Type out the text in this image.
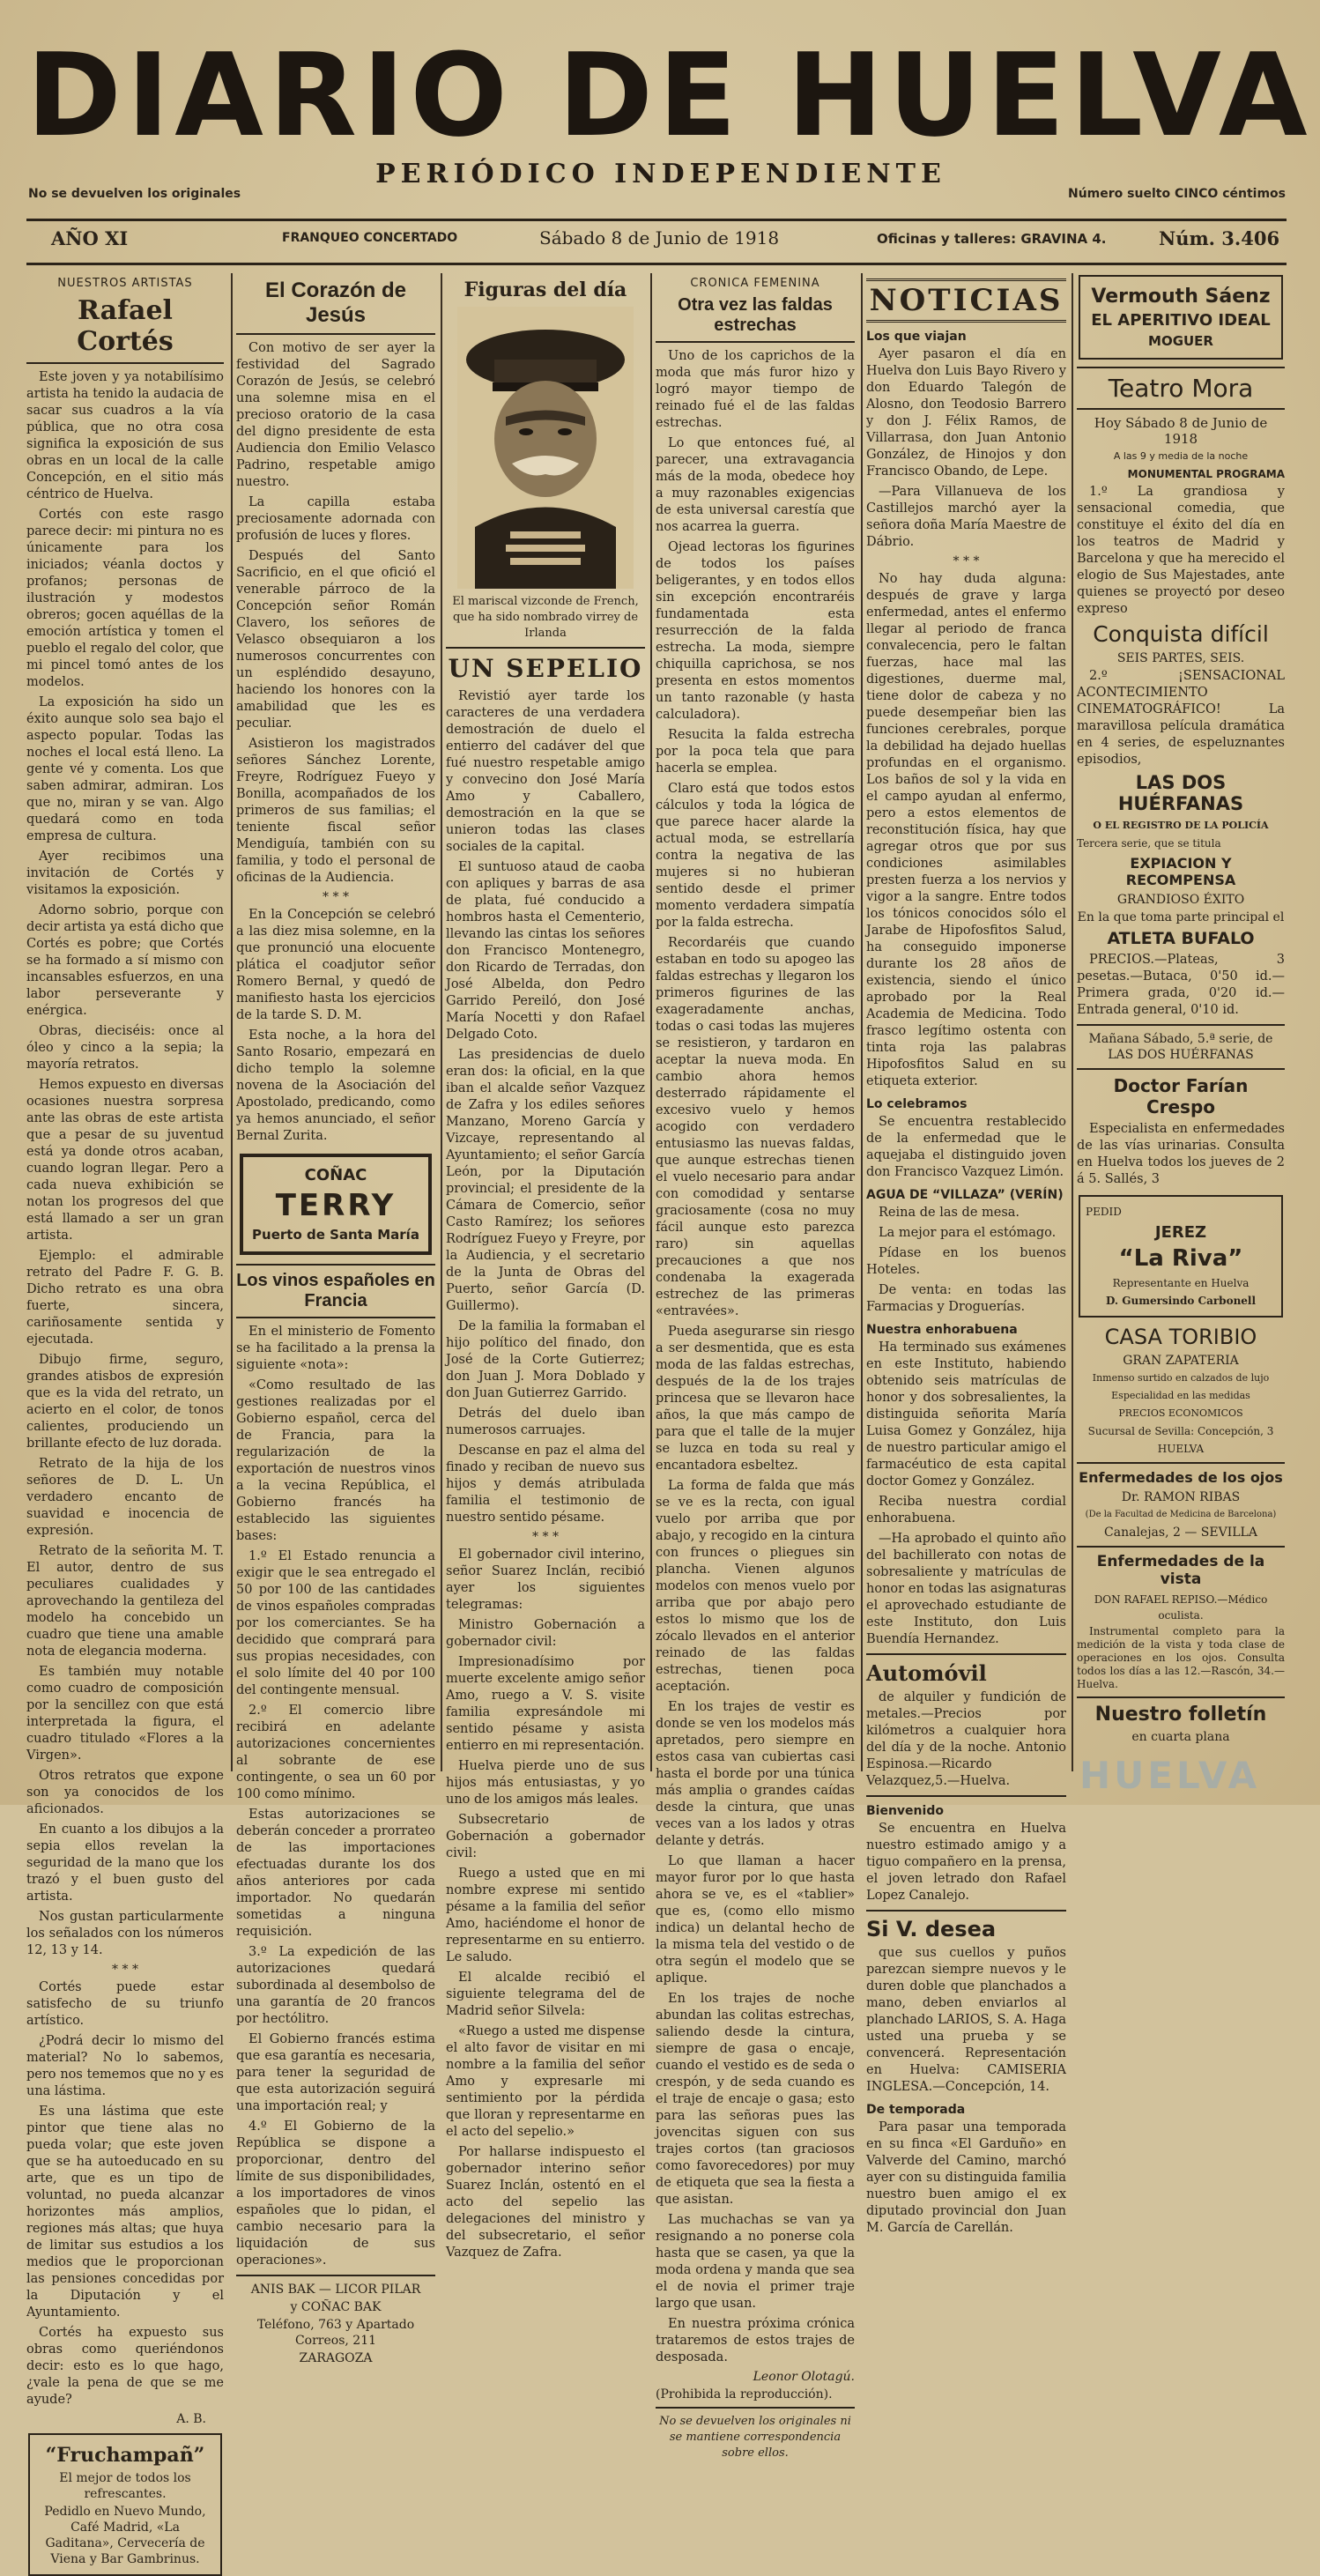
DIARIO DE HUELVA
PERIÓDICO INDEPENDIENTE
No se devuelven los originales	Número suelto CINCO céntimos
AÑO XI	FRANQUEO CONCERTADO	Sábado 8 de Junio de 1918	Oficinas y talleres: GRAVINA 4.	Núm. 3.406
NUESTROS ARTISTAS
Rafael Cortés

Este joven y ya notabilísimo artista ha tenido la audacia de sacar sus cuadros a la vía pública, que no otra cosa significa la exposición de sus obras en un local de la calle Concepción, en el sitio más céntrico de Huelva.

Cortés con este rasgo parece decir: mi pintura no es únicamente para los iniciados; véanla doctos y profanos; personas de ilustración y modestos obreros; gocen aquéllas de la emoción artística y tomen el pueblo el regalo del color, que mi pincel tomó antes de los modelos.

La exposición ha sido un éxito aunque solo sea bajo el aspecto popular. Todas las noches el local está lleno. La gente vé y comenta. Los que saben admirar, admiran. Los que no, miran y se van. Algo quedará como en toda empresa de cultura.

Ayer recibimos una invitación de Cortés y visitamos la exposición.

Adorno sobrio, porque con decir artista ya está dicho que Cortés es pobre; que Cortés se ha formado a sí mismo con incansables esfuerzos, en una labor perseverante y enérgica.

Obras, dieciséis: once al óleo y cinco a la sepia; la mayoría retratos.

Hemos expuesto en diversas ocasiones nuestra sorpresa ante las obras de este artista que a pesar de su juventud está ya donde otros acaban, cuando logran llegar. Pero a cada nueva exhibición se notan los progresos del que está llamado a ser un gran artista.

Ejemplo: el admirable retrato del Padre F. G. B. Dicho retrato es una obra fuerte, sincera, cariñosamente sentida y ejecutada.

Dibujo firme, seguro, grandes atisbos de expresión que es la vida del retrato, un acierto en el color, de tonos calientes, produciendo un brillante efecto de luz dorada.

Retrato de la hija de los señores de D. L. Un verdadero encanto de suavidad e inocencia de expresión.

Retrato de la señorita M. T. El autor, dentro de sus peculiares cualidades y aprovechando la gentileza del modelo ha concebido un cuadro que tiene una amable nota de elegancia moderna.

Es también muy notable como cuadro de composición por la sencillez con que está interpretada la figura, el cuadro titulado «Flores a la Virgen».

Otros retratos que expone son ya conocidos de los aficionados.

En cuanto a los dibujos a la sepia ellos revelan la seguridad de la mano que los trazó y el buen gusto del artista.

Nos gustan particularmente los señalados con los números 12, 13 y 14.

* * *

Cortés puede estar satisfecho de su triunfo artístico.

¿Podrá decir lo mismo del material? No lo sabemos, pero nos tememos que no y es una lástima.

Es una lástima que este pintor que tiene alas no pueda volar; que este joven que se ha autoeducado en su arte, que es un tipo de voluntad, no pueda alcanzar horizontes más amplios, regiones más altas; que huya de limitar sus estudios a los medios que le proporcionan las pensiones concedidas por la Diputación y el Ayuntamiento.

Cortés ha expuesto sus obras como queriéndonos decir: esto es lo que hago, ¿vale la pena de que se me ayude?

A. B.
“Fruchampañ”
El mejor de todos los refrescantes.
Pedidlo en Nuevo Mundo, Café Madrid, «La Gaditana», Cervecería de Viena y Bar Gambrinus.
El Corazón de Jesús

Con motivo de ser ayer la festividad del Sagrado Corazón de Jesús, se celebró una solemne misa en el precioso oratorio de la casa del digno presidente de esta Audiencia don Emilio Velasco Padrino, respetable amigo nuestro.

La capilla estaba preciosamente adornada con profusión de luces y flores.

Después del Santo Sacrificio, en el que ofició el venerable párroco de la Concepción señor Román Clavero, los señores de Velasco obsequiaron a los numerosos concurrentes con un espléndido desayuno, haciendo los honores con la amabilidad que les es peculiar.

Asistieron los magistrados señores Sánchez Lorente, Freyre, Rodríguez Fueyo y Bonilla, acompañados de los primeros de sus familias; el teniente fiscal señor Mendiguía, también con su familia, y todo el personal de oficinas de la Audiencia.

* * *

En la Concepción se celebró a las diez misa solemne, en la que pronunció una elocuente plática el coadjutor señor Romero Bernal, y quedó de manifiesto hasta los ejercicios de la tarde S. D. M.

Esta noche, a la hora del Santo Rosario, empezará en dicho templo la solemne novena de la Asociación del Apostolado, predicando, como ya hemos anunciado, el señor Bernal Zurita.

COÑAC
TERRY
Puerto de Santa María
Los vinos españoles en Francia

En el ministerio de Fomento se ha facilitado a la prensa la siguiente «nota»:

«Como resultado de las gestiones realizadas por el Gobierno español, cerca del de Francia, para la regularización de la exportación de nuestros vinos a la vecina República, el Gobierno francés ha establecido las siguientes bases:

1.º El Estado renuncia a exigir que le sea entregado el 50 por 100 de las cantidades de vinos españoles compradas por los comerciantes. Se ha decidido que comprará para sus propias necesidades, con el solo límite del 40 por 100 del contingente mensual.

2.º El comercio libre recibirá en adelante autorizaciones concernientes al sobrante de ese contingente, o sea un 60 por 100 como mínimo.

Estas autorizaciones se deberán conceder a prorrateo de las importaciones efectuadas durante los dos años anteriores por cada importador. No quedarán sometidas a ninguna requisición.

3.º La expedición de las autorizaciones quedará subordinada al desembolso de una garantía de 20 francos por hectólitro.

El Gobierno francés estima que esa garantía es necesaria, para tener la seguridad de que esta autorización seguirá una importación real; y

4.º El Gobierno de la República se dispone a proporcionar, dentro del límite de sus disponibilidades, a los importadores de vinos españoles que lo pidan, el cambio necesario para la liquidación de sus operaciones».

ANIS BAK — LICOR PILAR
y COÑAC BAK
Teléfono, 763 y Apartado Correos, 211
ZARAGOZA
Figuras del día
El mariscal vizconde de French, que ha sido nombrado virrey de Irlanda
UN SEPELIO

Revistió ayer tarde los caracteres de una verdadera demostración de duelo el entierro del cadáver del que fué nuestro respetable amigo y convecino don José María Amo y Caballero, demostración en la que se unieron todas las clases sociales de la capital.

El suntuoso ataud de caoba con apliques y barras de asa de plata, fué conducido a hombros hasta el Cementerio, llevando las cintas los señores don Francisco Montenegro, don Ricardo de Terradas, don José Albelda, don Pedro Garrido Pereiló, don José María Nocetti y don Rafael Delgado Coto.

Las presidencias de duelo eran dos: la oficial, en la que iban el alcalde señor Vazquez de Zafra y los ediles señores Manzano, Moreno García y Vizcaye, representando al Ayuntamiento; el señor García León, por la Diputación provincial; el presidente de la Cámara de Comercio, señor Casto Ramírez; los señores Rodríguez Fueyo y Freyre, por la Audiencia, y el secretario de la Junta de Obras del Puerto, señor García (D. Guillermo).

De la familia la formaban el hijo político del finado, don José de la Corte Gutierrez; don Juan J. Mora Doblado y don Juan Gutierrez Garrido.

Detrás del duelo iban numerosos carruajes.

Descanse en paz el alma del finado y reciban de nuevo sus hijos y demás atribulada familia el testimonio de nuestro sentido pésame.

* * *

El gobernador civil interino, señor Suarez Inclán, recibió ayer los siguientes telegramas:

Ministro Gobernación a gobernador civil:

Impresionadísimo por muerte excelente amigo señor Amo, ruego a V. S. visite familia expresándole mi sentido pésame y asista entierro en mi representación.

Huelva pierde uno de sus hijos más entusiastas, y yo uno de los amigos más leales.

Subsecretario de Gobernación a gobernador civil:

Ruego a usted que en mi nombre exprese mi sentido pésame a la familia del señor Amo, haciéndome el honor de representarme en su entierro. Le saludo.

El alcalde recibió el siguiente telegrama del de Madrid señor Silvela:

«Ruego a usted me dispense el alto favor de visitar en mi nombre a la familia del señor Amo y expresarle mi sentimiento por la pérdida que lloran y representarme en el acto del sepelio.»

Por hallarse indispuesto el gobernador interino señor Suarez Inclán, ostentó en el acto del sepelio las delegaciones del ministro y del subsecretario, el señor Vazquez de Zafra.

CRONICA FEMENINA
Otra vez las faldas estrechas

Uno de los caprichos de la moda que más furor hizo y logró mayor tiempo de reinado fué el de las faldas estrechas.

Lo que entonces fué, al parecer, una extravagancia más de la moda, obedece hoy a muy razonables exigencias de esta universal carestía que nos acarrea la guerra.

Ojead lectoras los figurines de todos los países beligerantes, y en todos ellos sin excepción encontraréis fundamentada esta resurrección de la falda estrecha. La moda, siempre chiquilla caprichosa, se nos presenta en estos momentos un tanto razonable (y hasta calculadora).

Resucita la falda estrecha por la poca tela que para hacerla se emplea.

Claro está que todos estos cálculos y toda la lógica de que parece hacer alarde la actual moda, se estrellaría contra la negativa de las mujeres si no hubieran sentido desde el primer momento verdadera simpatía por la falda estrecha.

Recordaréis que cuando estaban en todo su apogeo las faldas estrechas y llegaron los primeros figurines de las exageradamente anchas, todas o casi todas las mujeres se resistieron, y tardaron en aceptar la nueva moda. En cambio ahora hemos desterrado rápidamente el excesivo vuelo y hemos acogido con verdadero entusiasmo las nuevas faldas, que aunque estrechas tienen el vuelo necesario para andar con comodidad y sentarse graciosamente (cosa no muy fácil aunque esto parezca raro) sin aquellas precauciones a que nos condenaba la exagerada estrechez de las primeras «entravées».

Pueda asegurarse sin riesgo a ser desmentida, que es esta moda de las faldas estrechas, después de la de los trajes princesa que se llevaron hace años, la que más campo de para que el talle de la mujer se luzca en toda su real y encantadora esbeltez.

La forma de falda que más se ve es la recta, con igual vuelo por arriba que por abajo, y recogido en la cintura con frunces o pliegues sin plancha. Vienen algunos modelos con menos vuelo por arriba que por abajo pero estos lo mismo que los de zócalo llevados en el anterior reinado de las faldas estrechas, tienen poca aceptación.

En los trajes de vestir es donde se ven los modelos más apretados, pero siempre en estos casa van cubiertas casi hasta el borde por una túnica más amplia o grandes caídas desde la cintura, que unas veces van a los lados y otras delante y detrás.

Lo que llaman a hacer mayor furor por lo que hasta ahora se ve, es el «tablier» que es, (como ello mismo indica) un delantal hecho de la misma tela del vestido o de otra según el modelo que se aplique.

En los trajes de noche abundan las colitas estrechas, saliendo desde la cintura, siempre de gasa o encaje, cuando el vestido es de seda o crespón, y de seda cuando es el traje de encaje o gasa; esto para las señoras pues las jovencitas siguen con sus trajes cortos (tan graciosos como favorecedores) por muy de etiqueta que sea la fiesta a que asistan.

Las muchachas se van ya resignando a no ponerse cola hasta que se casen, ya que la moda ordena y manda que sea el de novia el primer traje largo que usan.

En nuestra próxima crónica trataremos de estos trajes de desposada.

Leonor Olotagú.
(Prohibida la reproducción).
No se devuelven los originales ni se mantiene correspondencia sobre ellos.
NOTICIAS
Los que viajan

Ayer pasaron el día en Huelva don Luis Bayo Rivero y don Eduardo Talegón de Alosno, don Teodosio Barrero y don J. Félix Ramos, de Villarrasa, don Juan Antonio González, de Hinojos y don Francisco Obando, de Lepe.

—Para Villanueva de los Castillejos marchó ayer la señora doña María Maestre de Dábrio.

* * *

No hay duda alguna: después de grave y larga enfermedad, antes el enfermo llegar al periodo de franca convalecencia, pero le faltan fuerzas, hace mal las digestiones, duerme mal, tiene dolor de cabeza y no puede desempeñar bien las funciones cerebrales, porque la debilidad ha dejado huellas profundas en el organismo. Los baños de sol y la vida en el campo ayudan al enfermo, pero a estos elementos de reconstitución física, hay que agregar otros que por sus condiciones asimilables presten fuerza a los nervios y vigor a la sangre. Entre todos los tónicos conocidos sólo el Jarabe de Hipofosfitos Salud, ha conseguido imponerse durante los 28 años de existencia, siendo el único aprobado por la Real Academia de Medicina. Todo frasco legítimo ostenta con tinta roja las palabras Hipofosfitos Salud en su etiqueta exterior.

Lo celebramos

Se encuentra restablecido de la enfermedad que le aquejaba el distinguido joven don Francisco Vazquez Limón.

AGUA DE “VILLAZA” (VERÍN)

Reina de las de mesa.

La mejor para el estómago.

Pídase en los buenos Hoteles.

De venta: en todas las Farmacias y Droguerías.

Nuestra enhorabuena

Ha terminado sus exámenes en este Instituto, habiendo obtenido seis matrículas de honor y dos sobresalientes, la distinguida señorita María Luisa Gomez y González, hija de nuestro particular amigo el farmacéutico de esta capital doctor Gomez y González.

Reciba nuestra cordial enhorabuena.

—Ha aprobado el quinto año del bachillerato con notas de sobresaliente y matrículas de honor en todas las asignaturas el aprovechado estudiante de este Instituto, don Luis Buendía Hernandez.

Automóvil

de alquiler y fundición de metales.—Precios por kilómetros a cualquier hora del día y de la noche. Antonio Espinosa.—Ricardo Velazquez,5.—Huelva.

Bienvenido

Se encuentra en Huelva nuestro estimado amigo y a tiguo compañero en la prensa, el joven letrado don Rafael Lopez Canalejo.

Si V. desea

que sus cuellos y puños parezcan siempre nuevos y le duren doble que planchados a mano, deben enviarlos al planchado LARIOS, S. A. Haga usted una prueba y se convencerá. Representación en Huelva: CAMISERIA INGLESA.—Concepción, 14.

De temporada

Para pasar una temporada en su finca «El Garduño» en Valverde del Camino, marchó ayer con su distinguida familia nuestro buen amigo el ex diputado provincial don Juan M. García de Carellán.

Vermouth Sáenz
EL APERITIVO IDEAL
MOGUER
Teatro Mora
Hoy Sábado 8 de Junio de 1918
A las 9 y media de la noche
MONUMENTAL PROGRAMA

1.º La grandiosa y sensacional comedia, que constituye el éxito del día en los teatros de Madrid y Barcelona y que ha merecido el elogio de Sus Majestades, ante quienes se proyectó por deseo expreso

Conquista difícil
SEIS PARTES, SEIS.

2.º ¡SENSACIONAL ACONTECIMIENTO CINEMATOGRÁFICO! La maravillosa película dramática en 4 series, de espeluznantes episodios,

LAS DOS HUÉRFANAS
O EL REGISTRO DE LA POLICÍA
Tercera serie, que se titula
EXPIACION Y RECOMPENSA
GRANDIOSO ÉXITO
En la que toma parte principal el
ATLETA BUFALO

PRECIOS.—Plateas, 3 pesetas.—Butaca, 0'50 id.—Primera grada, 0'20 id.—Entrada general, 0'10 id.

Mañana Sábado, 5.ª serie, de LAS DOS HUÉRFANAS
Doctor Farían Crespo

Especialista en enfermedades de las vías urinarias. Consulta en Huelva todos los jueves de 2 á 5. Sallés, 3

PEDID
JEREZ
“La Riva”
Representante en Huelva
D. Gumersindo Carbonell
CASA TORIBIO
GRAN ZAPATERIA
Inmenso surtido en calzados de lujo
Especialidad en las medidas
PRECIOS ECONOMICOS
Sucursal de Sevilla: Concepción, 3
HUELVA
Enfermedades de los ojos
Dr. RAMON RIBAS
(De la Facultad de Medicina de Barcelona)
Canalejas, 2 — SEVILLA
Enfermedades de la vista
DON RAFAEL REPISO.—Médico oculista.

Instrumental completo para la medición de la vista y toda clase de operaciones en los ojos. Consulta todos los días a las 12.—Rascón, 34.—Huelva.

Nuestro folletín
en cuarta plana
HUELVA
